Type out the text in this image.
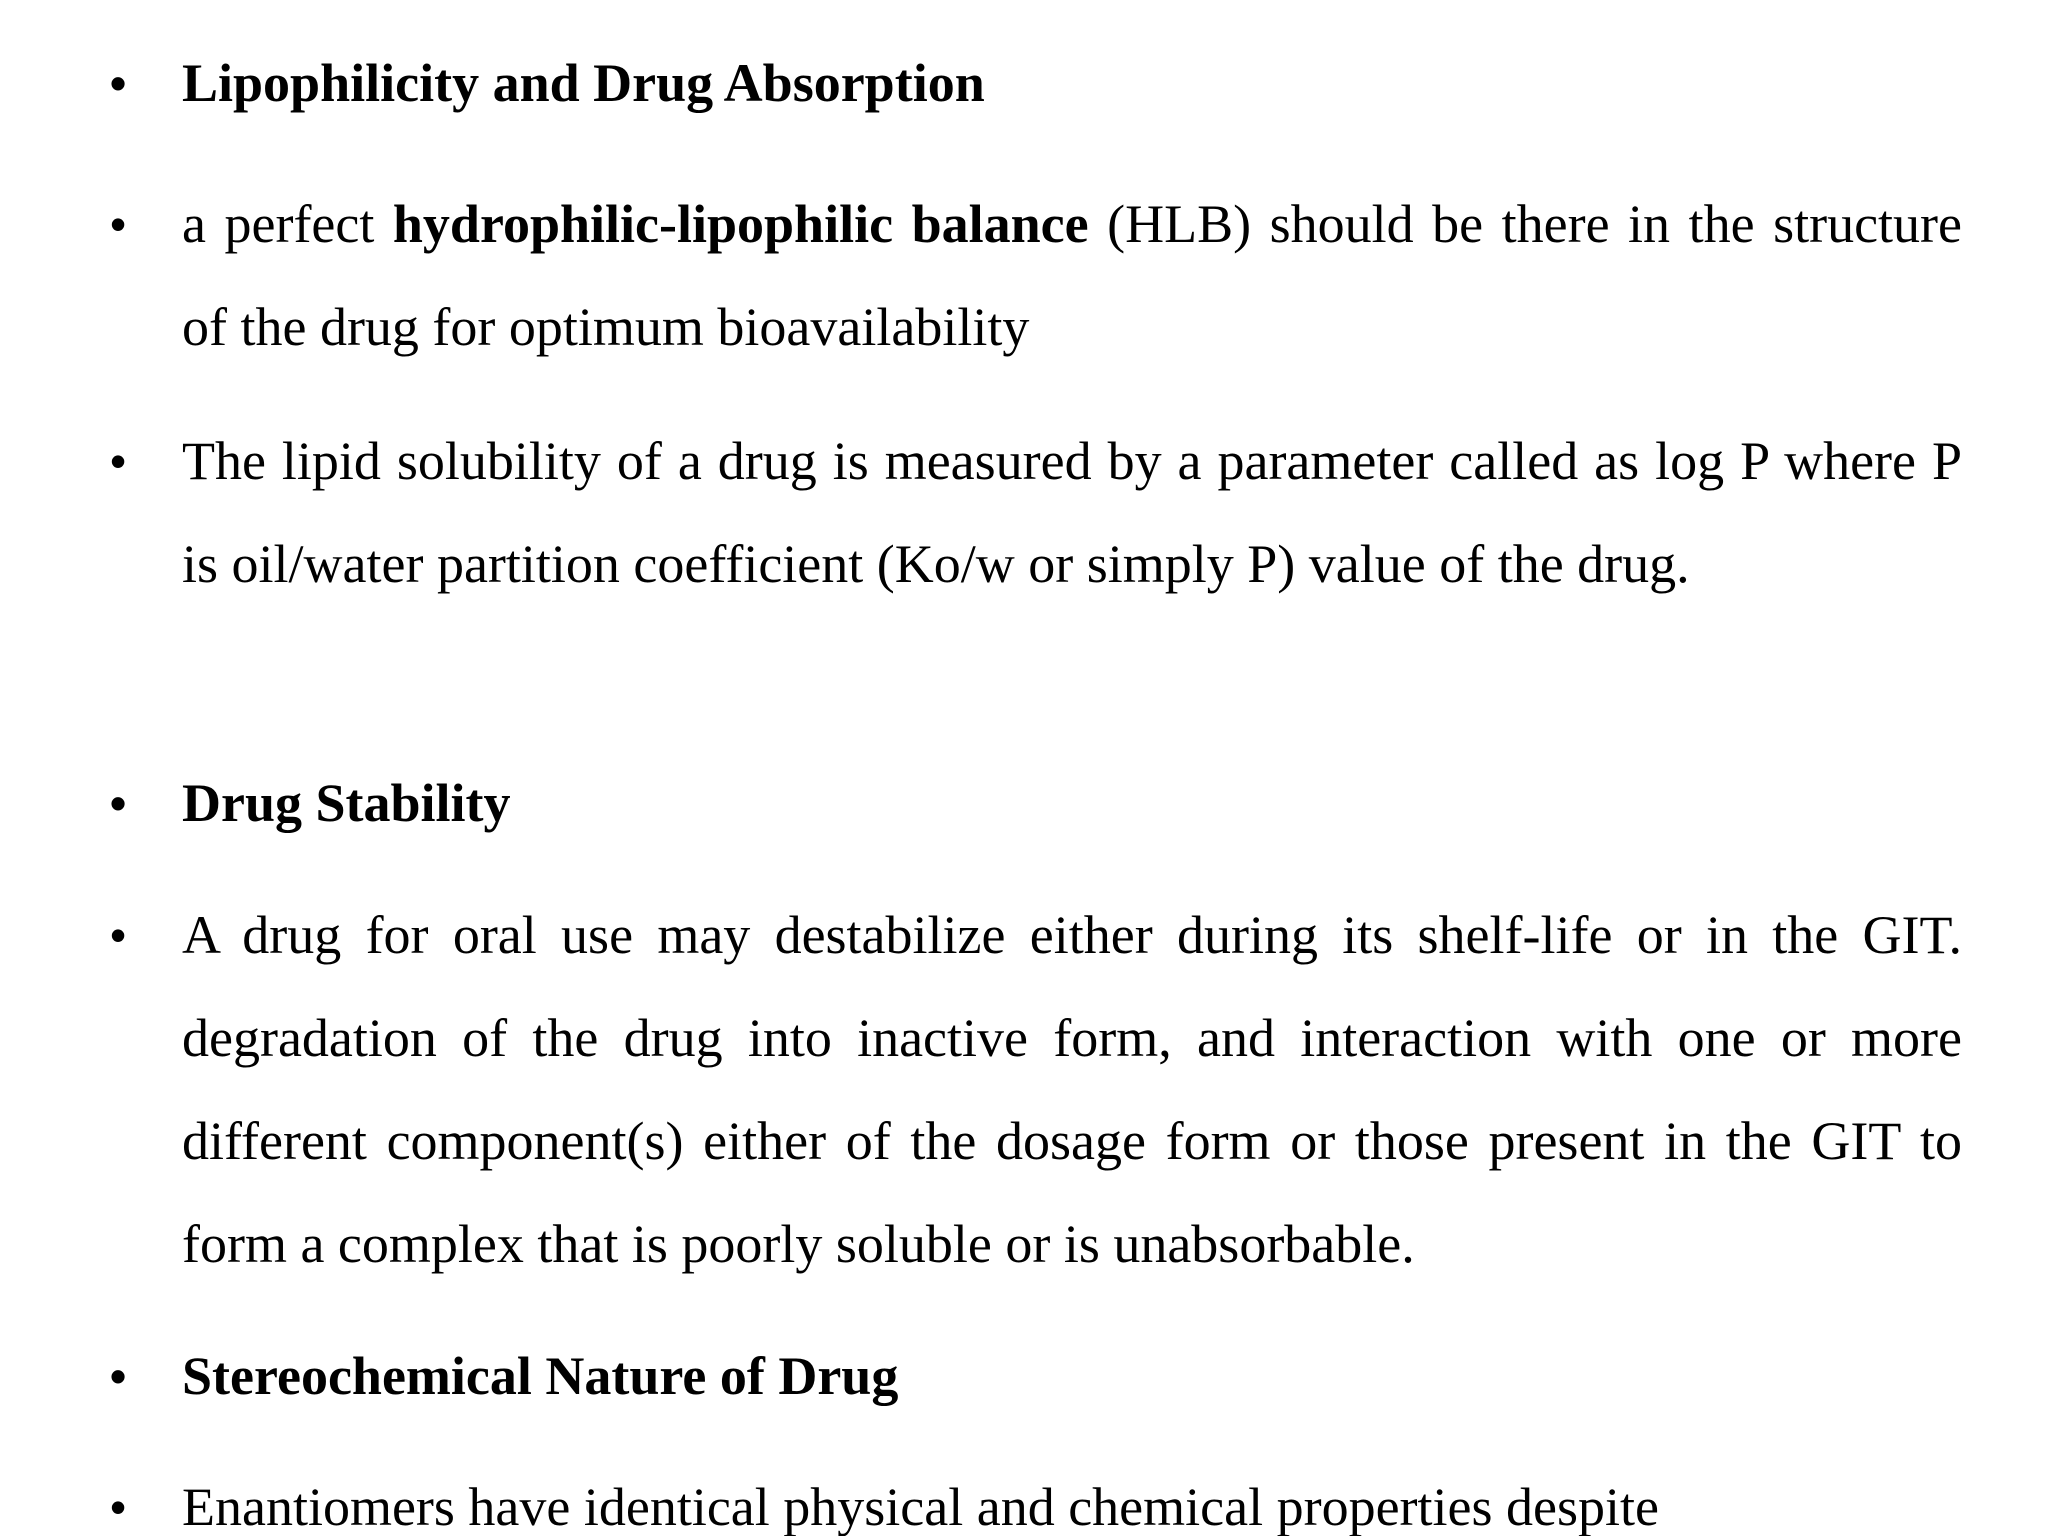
• Lipophilicity and Drug Absorption
• a perfect hydrophilic-lipophilic balance (HLB) should be there in the structure of the drug for optimum bioavailability
• The lipid solubility of a drug is measured by a parameter called as log P where P is oil/water partition coefficient (Ko/w or simply P) value of the drug.
• Drug Stability
• A drug for oral use may destabilize either during its shelf-life or in the GIT. degradation of the drug into inactive form, and interaction with one or more different component(s) either of the dosage form or those present in the GIT to form a complex that is poorly soluble or is unabsorbable.
• Stereochemical Nature of Drug
• Enantiomers have identical physical and chemical properties despite
